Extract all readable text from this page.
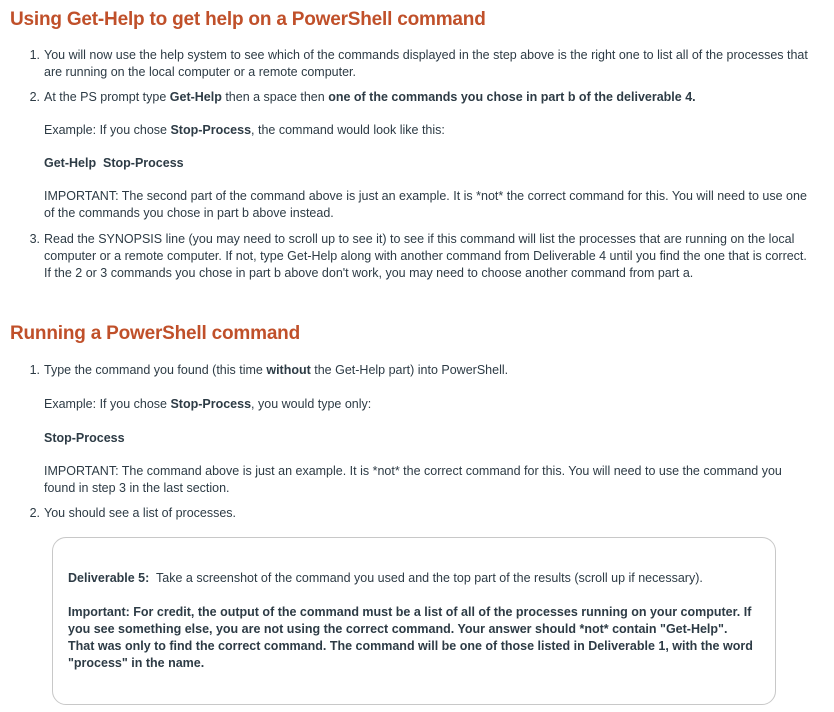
Using Get-Help to get help on a PowerShell command
1. You will now use the help system to see which of the commands displayed in the step above is the right one to list all of the processes that are running on the local computer or a remote computer.
2. At the PS prompt type Get-Help then a space then one of the commands you chose in part b of the deliverable 4.

Example: If you chose Stop-Process, the command would look like this:

Get-Help  Stop-Process

IMPORTANT: The second part of the command above is just an example. It is *not* the correct command for this. You will need to use one of the commands you chose in part b above instead.

3. Read the SYNOPSIS line (you may need to scroll up to see it) to see if this command will list the processes that are running on the local computer or a remote computer. If not, type Get-Help along with another command from Deliverable 4 until you find the one that is correct. If the 2 or 3 commands you chose in part b above don't work, you may need to choose another command from part a.
Running a PowerShell command
1. Type the command you found (this time without the Get-Help part) into PowerShell.

Example: If you chose Stop-Process, you would type only:

Stop-Process

IMPORTANT: The command above is just an example. It is *not* the correct command for this. You will need to use the command you found in step 3 in the last section.

2. You should see a list of processes.

Deliverable 5:  Take a screenshot of the command you used and the top part of the results (scroll up if necessary).

Important: For credit, the output of the command must be a list of all of the processes running on your computer. If you see something else, you are not using the correct command. Your answer should *not* contain "Get-Help". That was only to find the correct command. The command will be one of those listed in Deliverable 1, with the word "process" in the name.
